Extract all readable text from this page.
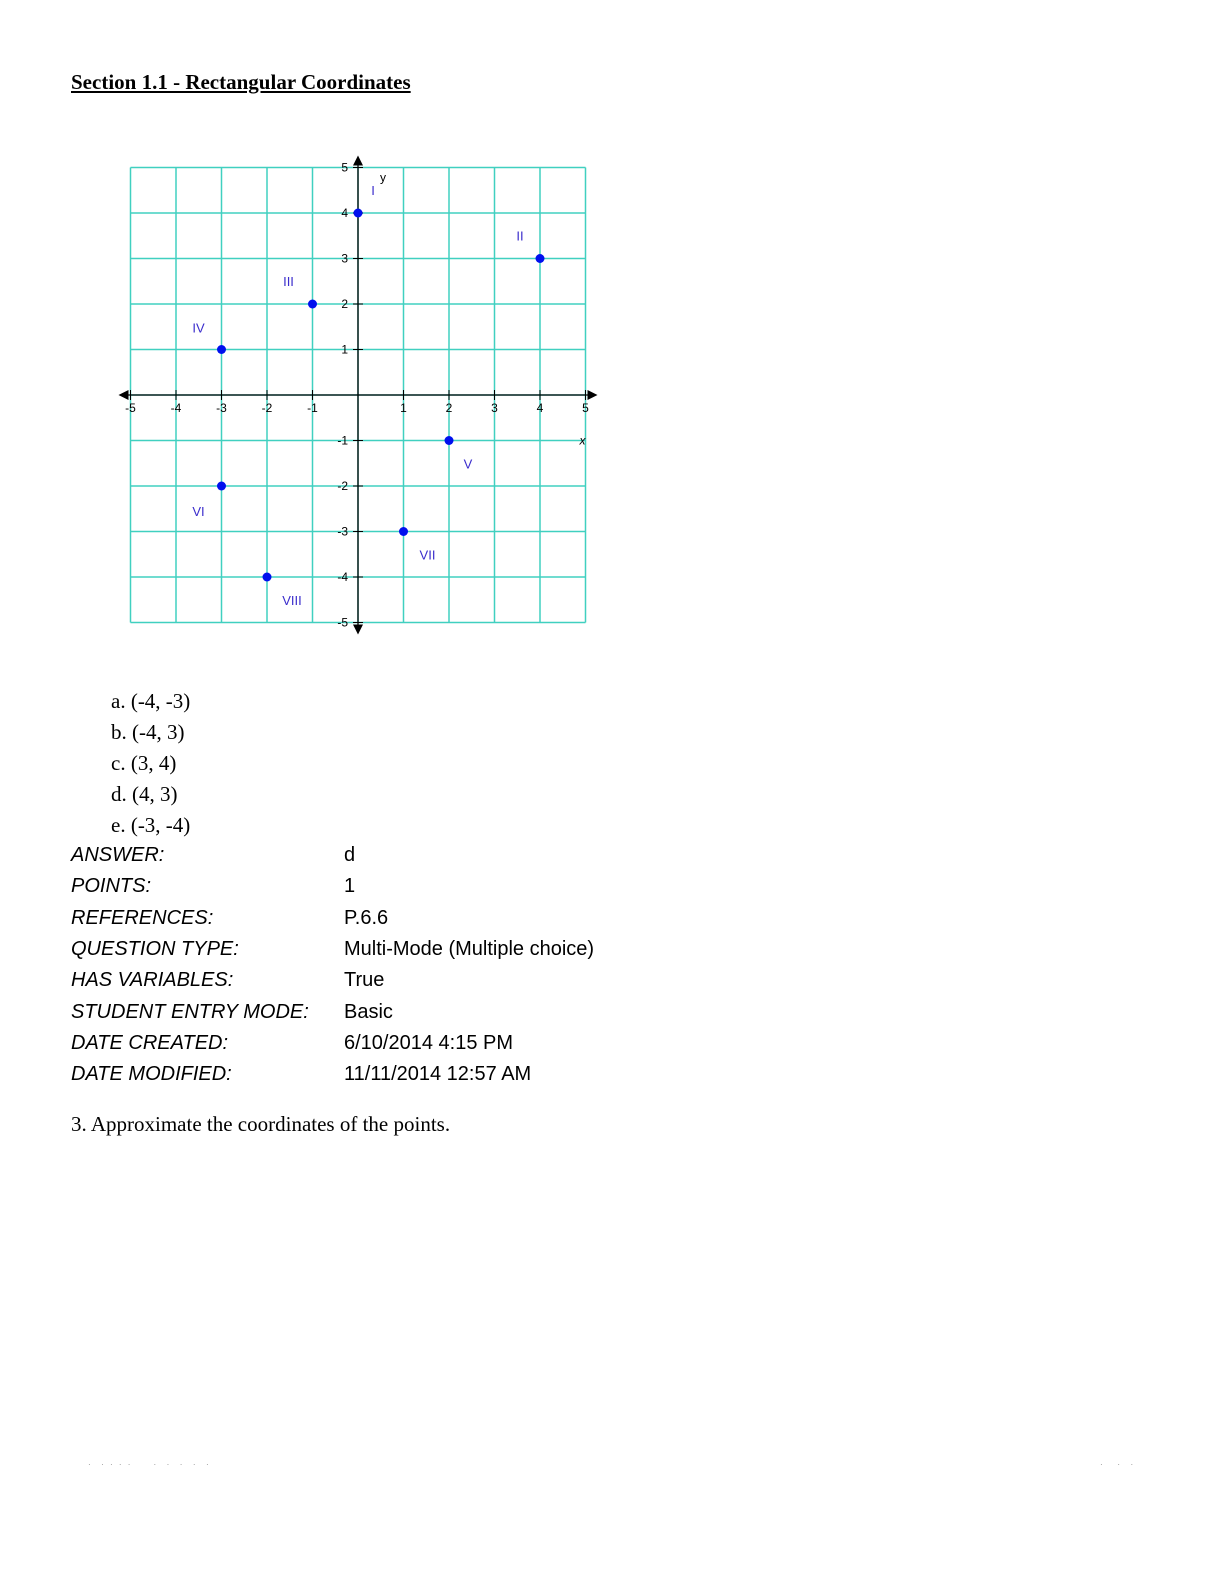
Section 1.1 - Rectangular Coordinates
-5	-4	-3	-2	-1	1	2	3	4	5
5
4
3
2
1
-1
-2
-3
-4
-5
x
y
I
II
III
IV
V
VI
VII
VIII
a. (-4, -3)
b. (-4, 3)
c. (3, 4)
d. (4, 3)
e. (-3, -4)
ANSWER:	d
POINTS:	1
REFERENCES:	P.6.6
QUESTION TYPE:	Multi-Mode (Multiple choice)
HAS VARIABLES:	True
STUDENT ENTRY MODE:	Basic
DATE CREATED:	6/10/2014 4:15 PM
DATE MODIFIED:	11/11/2014 12:57 AM

3. Approximate the coordinates of the points.

·  · · · ·     ·  ·  ·  ·  ·	·   ·  ·
